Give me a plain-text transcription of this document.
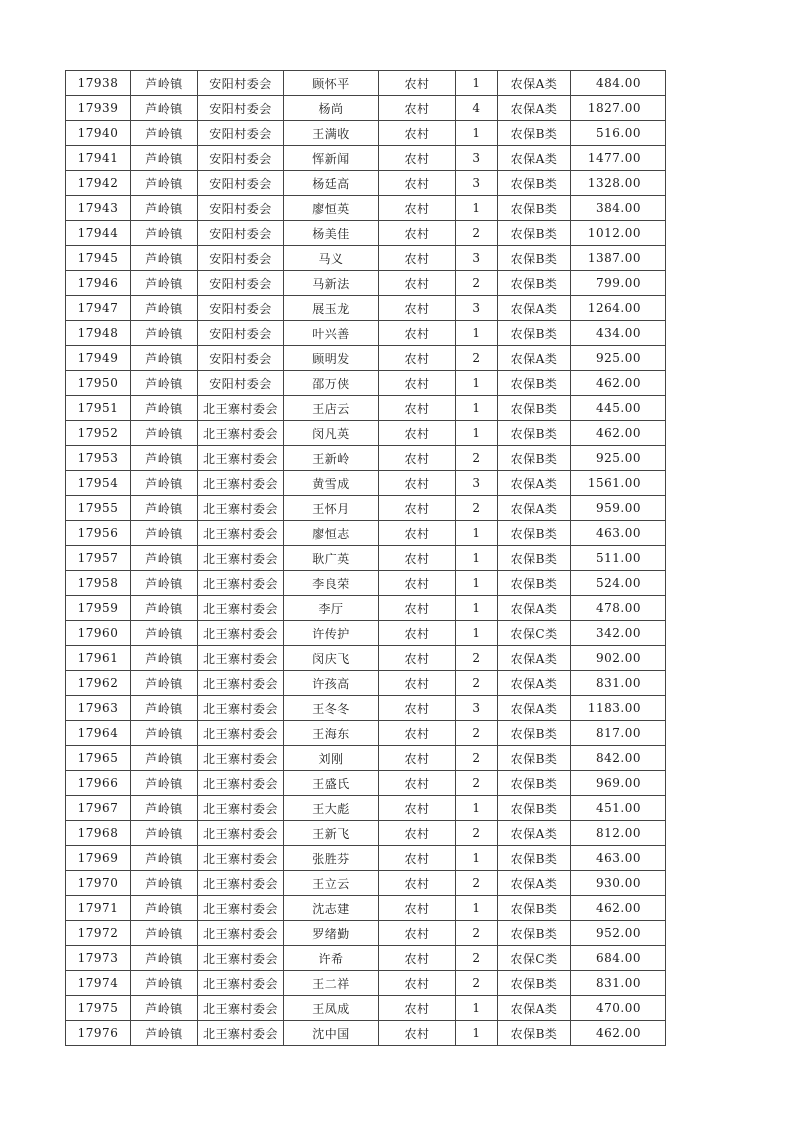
17938	芦岭镇	安阳村委会	顾怀平	农村	1	农保A类	484.00
17939	芦岭镇	安阳村委会	杨尚	农村	4	农保A类	1827.00
17940	芦岭镇	安阳村委会	王满收	农村	1	农保B类	516.00
17941	芦岭镇	安阳村委会	恽新闻	农村	3	农保A类	1477.00
17942	芦岭镇	安阳村委会	杨廷高	农村	3	农保B类	1328.00
17943	芦岭镇	安阳村委会	廖恒英	农村	1	农保B类	384.00
17944	芦岭镇	安阳村委会	杨美佳	农村	2	农保B类	1012.00
17945	芦岭镇	安阳村委会	马义	农村	3	农保B类	1387.00
17946	芦岭镇	安阳村委会	马新法	农村	2	农保B类	799.00
17947	芦岭镇	安阳村委会	展玉龙	农村	3	农保A类	1264.00
17948	芦岭镇	安阳村委会	叶兴善	农村	1	农保B类	434.00
17949	芦岭镇	安阳村委会	顾明发	农村	2	农保A类	925.00
17950	芦岭镇	安阳村委会	邵万侠	农村	1	农保B类	462.00
17951	芦岭镇	北王寨村委会	王店云	农村	1	农保B类	445.00
17952	芦岭镇	北王寨村委会	闵凡英	农村	1	农保B类	462.00
17953	芦岭镇	北王寨村委会	王新岭	农村	2	农保B类	925.00
17954	芦岭镇	北王寨村委会	黄雪成	农村	3	农保A类	1561.00
17955	芦岭镇	北王寨村委会	王怀月	农村	2	农保A类	959.00
17956	芦岭镇	北王寨村委会	廖恒志	农村	1	农保B类	463.00
17957	芦岭镇	北王寨村委会	耿广英	农村	1	农保B类	511.00
17958	芦岭镇	北王寨村委会	李良荣	农村	1	农保B类	524.00
17959	芦岭镇	北王寨村委会	李厅	农村	1	农保A类	478.00
17960	芦岭镇	北王寨村委会	许传护	农村	1	农保C类	342.00
17961	芦岭镇	北王寨村委会	闵庆飞	农村	2	农保A类	902.00
17962	芦岭镇	北王寨村委会	许孩高	农村	2	农保A类	831.00
17963	芦岭镇	北王寨村委会	王冬冬	农村	3	农保A类	1183.00
17964	芦岭镇	北王寨村委会	王海东	农村	2	农保B类	817.00
17965	芦岭镇	北王寨村委会	刘刚	农村	2	农保B类	842.00
17966	芦岭镇	北王寨村委会	王盛氏	农村	2	农保B类	969.00
17967	芦岭镇	北王寨村委会	王大彪	农村	1	农保B类	451.00
17968	芦岭镇	北王寨村委会	王新飞	农村	2	农保A类	812.00
17969	芦岭镇	北王寨村委会	张胜芬	农村	1	农保B类	463.00
17970	芦岭镇	北王寨村委会	王立云	农村	2	农保A类	930.00
17971	芦岭镇	北王寨村委会	沈志建	农村	1	农保B类	462.00
17972	芦岭镇	北王寨村委会	罗绪勤	农村	2	农保B类	952.00
17973	芦岭镇	北王寨村委会	许希	农村	2	农保C类	684.00
17974	芦岭镇	北王寨村委会	王二祥	农村	2	农保B类	831.00
17975	芦岭镇	北王寨村委会	王凤成	农村	1	农保A类	470.00
17976	芦岭镇	北王寨村委会	沈中国	农村	1	农保B类	462.00
